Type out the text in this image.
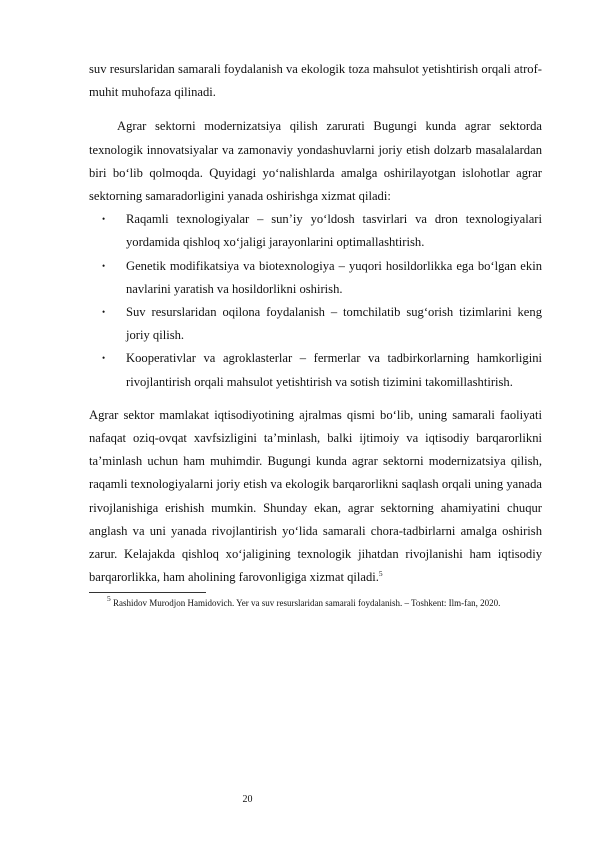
suv resurslaridan samarali foydalanish va ekologik toza mahsulot yetishtirish orqali atrof-muhit muhofaza qilinadi.

Agrar sektorni modernizatsiya qilish zarurati Bugungi kunda agrar sektorda texnologik innovatsiyalar va zamonaviy yondashuvlarni joriy etish dolzarb masalalardan biri bo‘lib qolmoqda. Quyidagi yo‘nalishlarda amalga oshirilayotgan islohotlar agrar sektorning samaradorligini yanada oshirishga xizmat qiladi:

• Raqamli texnologiyalar – sun’iy yo‘ldosh tasvirlari va dron texnologiyalari yordamida qishloq xo‘jaligi jarayonlarini optimallashtirish.
• Genetik modifikatsiya va biotexnologiya – yuqori hosildorlikka ega bo‘lgan ekin navlarini yaratish va hosildorlikni oshirish.
• Suv resurslaridan oqilona foydalanish – tomchilatib sug‘orish tizimlarini keng joriy qilish.
• Kooperativlar va agroklasterlar – fermerlar va tadbirkorlarning hamkorligini rivojlantirish orqali mahsulot yetishtirish va sotish tizimini takomillashtirish.

Agrar sektor mamlakat iqtisodiyotining ajralmas qismi bo‘lib, uning samarali faoliyati nafaqat oziq-ovqat xavfsizligini ta’minlash, balki ijtimoiy va iqtisodiy barqarorlikni ta’minlash uchun ham muhimdir. Bugungi kunda agrar sektorni modernizatsiya qilish, raqamli texnologiyalarni joriy etish va ekologik barqarorlikni saqlash orqali uning yanada rivojlanishiga erishish mumkin. Shunday ekan, agrar sektorning ahamiyatini chuqur anglash va uni yanada rivojlantirish yo‘lida samarali chora-tadbirlarni amalga oshirish zarur. Kelajakda qishloq xo‘jaligining texnologik jihatdan rivojlanishi ham iqtisodiy barqarorlikka, ham aholining farovonligiga xizmat qiladi.$^5$

$^5$ Rashidov Murodjon Hamidovich. Yer va suv resurslaridan samarali foydalanish. – Toshkent: Ilm-fan, 2020.

20
